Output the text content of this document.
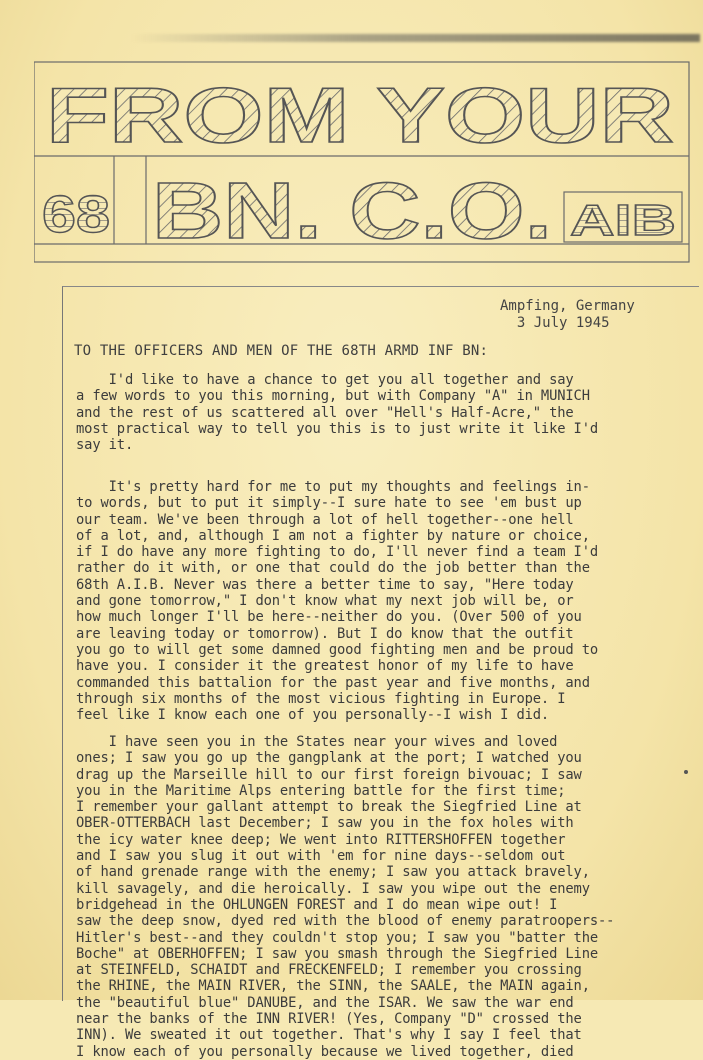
FROM YOUR
68 BN. C.O. AIB
Ampfing, Germany
3 July 1945
TO THE OFFICERS AND MEN OF THE 68TH ARMD INF BN:
I'd like to have a chance to get you all together and say
a few words to you this morning, but with Company "A" in MUNICH
and the rest of us scattered all over "Hell's Half-Acre," the
most practical way to tell you this is to just write it like I'd
say it.
It's pretty hard for me to put my thoughts and feelings in-
to words, but to put it simply--I sure hate to see 'em bust up
our team. We've been through a lot of hell together--one hell
of a lot, and, although I am not a fighter by nature or choice,
if I do have any more fighting to do, I'll never find a team I'd
rather do it with, or one that could do the job better than the
68th A.I.B. Never was there a better time to say, "Here today
and gone tomorrow," I don't know what my next job will be, or
how much longer I'll be here--neither do you. (Over 500 of you
are leaving today or tomorrow). But I do know that the outfit
you go to will get some damned good fighting men and be proud to
have you. I consider it the greatest honor of my life to have
commanded this battalion for the past year and five months, and
through six months of the most vicious fighting in Europe. I
feel like I know each one of you personally--I wish I did.
I have seen you in the States near your wives and loved
ones; I saw you go up the gangplank at the port; I watched you
drag up the Marseille hill to our first foreign bivouac; I saw
you in the Maritime Alps entering battle for the first time;
I remember your gallant attempt to break the Siegfried Line at
OBER-OTTERBACH last December; I saw you in the fox holes with
the icy water knee deep; We went into RITTERSHOFFEN together
and I saw you slug it out with 'em for nine days--seldom out
of hand grenade range with the enemy; I saw you attack bravely,
kill savagely, and die heroically. I saw you wipe out the enemy
bridgehead in the OHLUNGEN FOREST and I do mean wipe out! I
saw the deep snow, dyed red with the blood of enemy paratroopers--
Hitler's best--and they couldn't stop you; I saw you "batter the
Boche" at OBERHOFFEN; I saw you smash through the Siegfried Line
at STEINFELD, SCHAIDT and FRECKENFELD; I remember you crossing
the RHINE, the MAIN RIVER, the SINN, the SAALE, the MAIN again,
the "beautiful blue" DANUBE, and the ISAR. We saw the war end
near the banks of the INN RIVER! (Yes, Company "D" crossed the
INN). We sweated it out together. That's why I say I feel that
I know each of you personally because we lived together, died
